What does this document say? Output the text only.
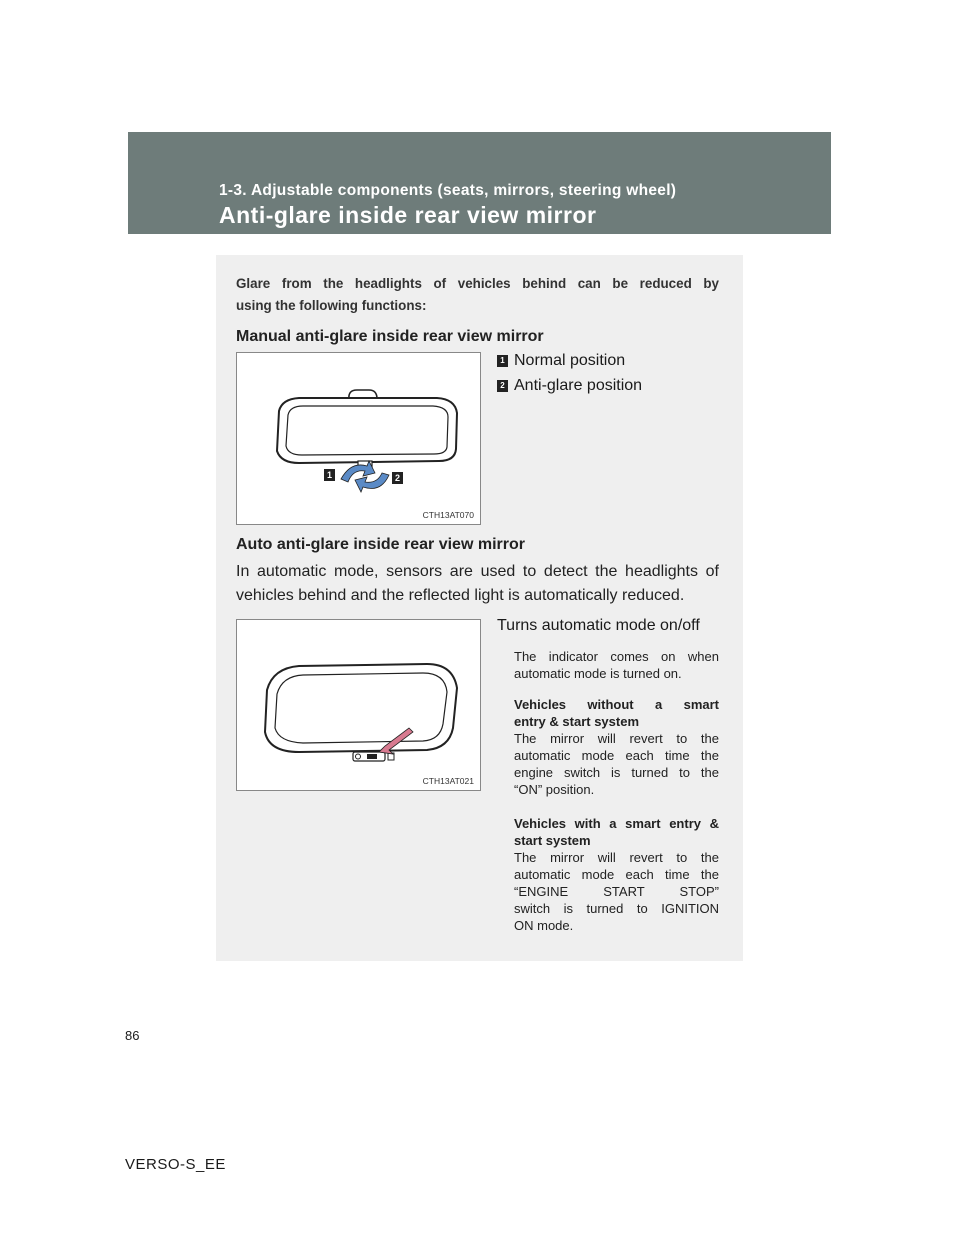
1-3. Adjustable components (seats, mirrors, steering wheel)

Anti-glare inside rear view mirror

Glare from the headlights of vehicles behind can be reduced by

using the following functions:

Manual anti-glare inside rear view mirror
1	2
CTH13AT070
1 Normal position
2 Anti-glare position
Auto anti-glare inside rear view mirror

In automatic mode, sensors are used to detect the headlights of
vehicles behind and the reflected light is automatically reduced.

CTH13AT021

Turns automatic mode on/off

The indicator comes on when
automatic mode is turned on.

Vehicles without a smart
entry & start system
The mirror will revert to the
automatic mode each time the
engine switch is turned to the
“ON” position.

Vehicles with a smart entry &
start system
The mirror will revert to the
automatic mode each time the
“ENGINE START STOP”
switch is turned to IGNITION
ON mode.

86

VERSO-S_EE
